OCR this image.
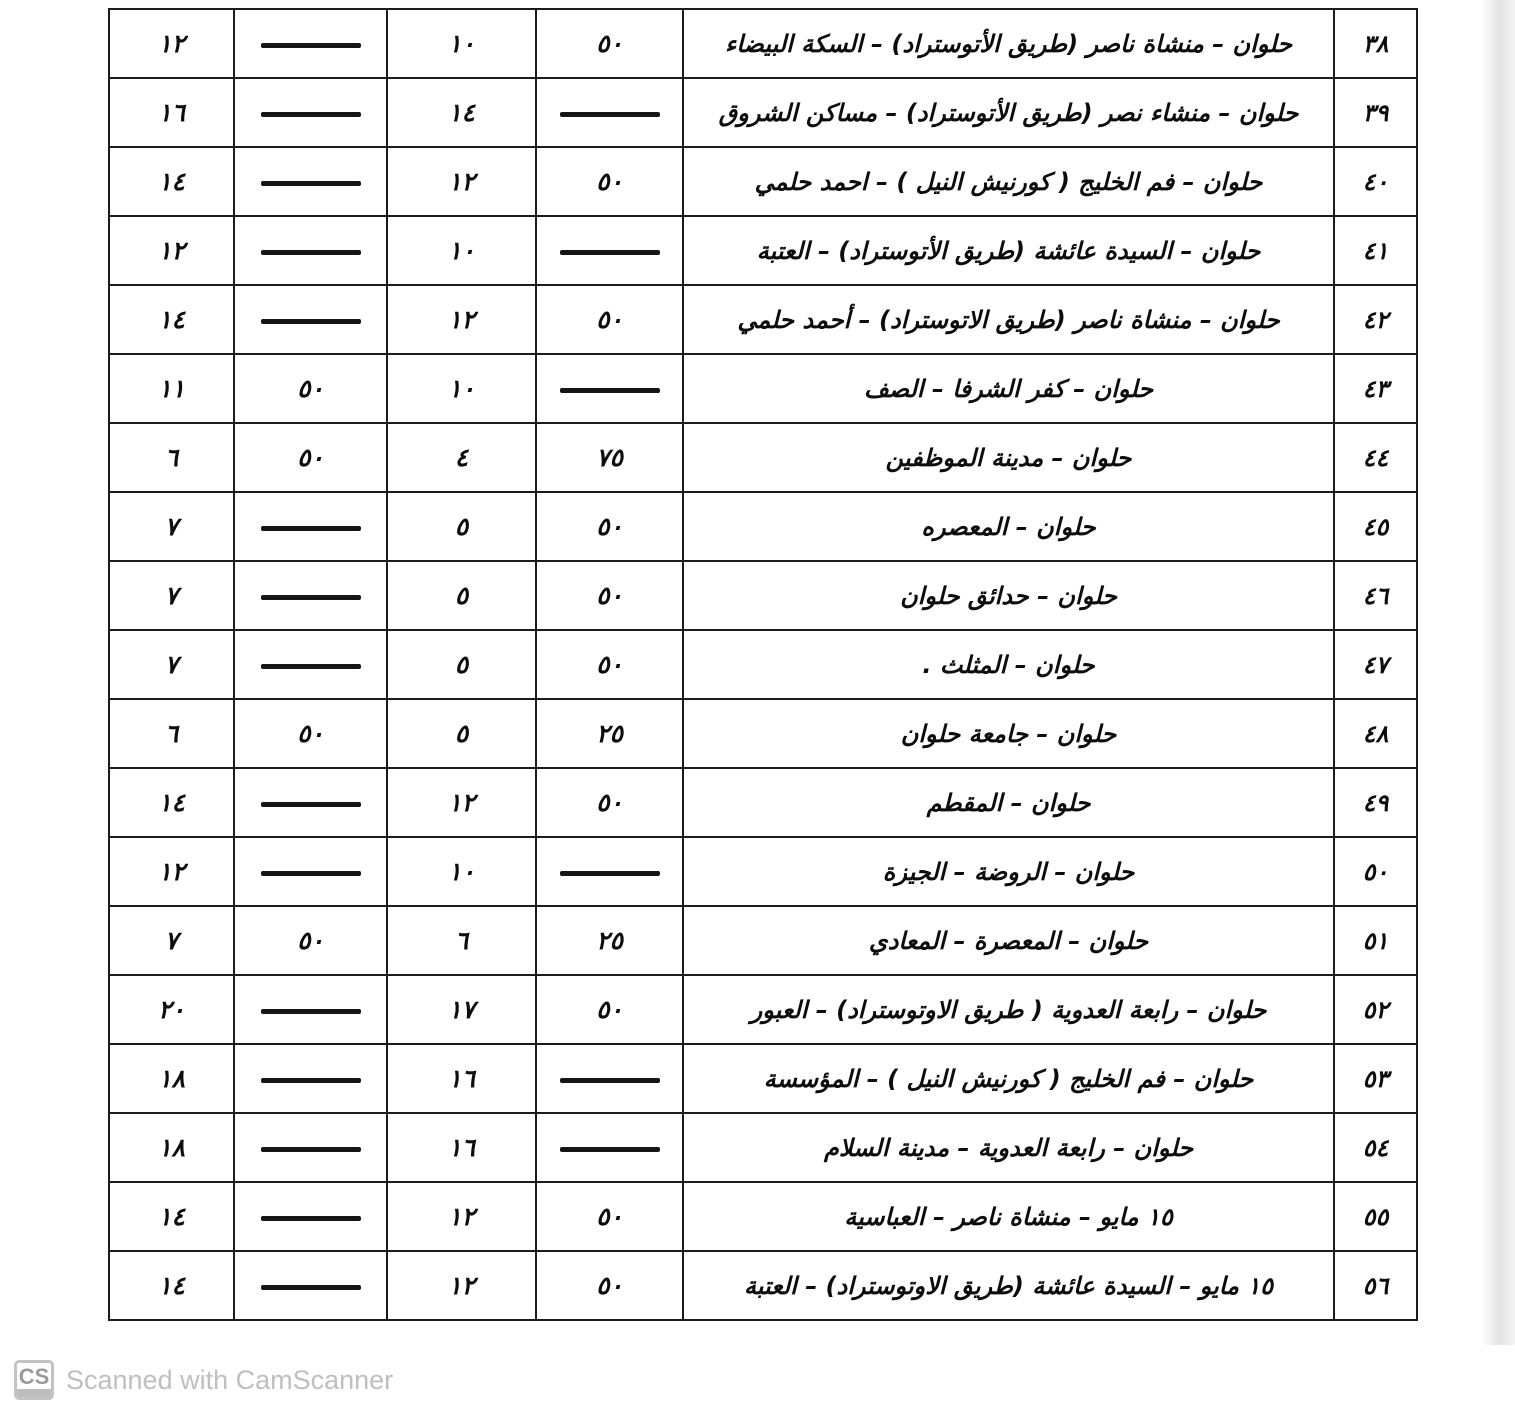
٣٨	حلوان – منشاة ناصر (طريق الأتوستراد) – السكة البيضاء	٥٠	١٠		١٢
٣٩	حلوان – منشاء نصر (طريق الأتوستراد) – مساكن الشروق		١٤		١٦
٤٠	حلوان – فم الخليج ( كورنيش النيل ) – احمد حلمي	٥٠	١٢		١٤
٤١	حلوان – السيدة عائشة (طريق الأتوستراد) – العتبة		١٠		١٢
٤٢	حلوان – منشاة ناصر (طريق الاتوستراد) – أحمد حلمي	٥٠	١٢		١٤
٤٣	حلوان – كفر الشرفا – الصف		١٠	٥٠	١١
٤٤	حلوان – مدينة الموظفين	٧٥	٤	٥٠	٦
٤٥	حلوان – المعصره	٥٠	٥		٧
٤٦	حلوان – حدائق حلوان	٥٠	٥		٧
٤٧	حلوان – المثلث .	٥٠	٥		٧
٤٨	حلوان – جامعة حلوان	٢٥	٥	٥٠	٦
٤٩	حلوان – المقطم	٥٠	١٢		١٤
٥٠	حلوان – الروضة – الجيزة		١٠		١٢
٥١	حلوان – المعصرة – المعادي	٢٥	٦	٥٠	٧
٥٢	حلوان – رابعة العدوية ( طريق الاوتوستراد) – العبور	٥٠	١٧		٢٠
٥٣	حلوان – فم الخليج ( كورنيش النيل ) – المؤسسة		١٦		١٨
٥٤	حلوان – رابعة العدوية – مدينة السلام		١٦		١٨
٥٥	١٥ مايو – منشاة ناصر – العباسية	٥٠	١٢		١٤
٥٦	١٥ مايو – السيدة عائشة (طريق الاوتوستراد) – العتبة	٥٠	١٢		١٤
CS Scanned with CamScanner
